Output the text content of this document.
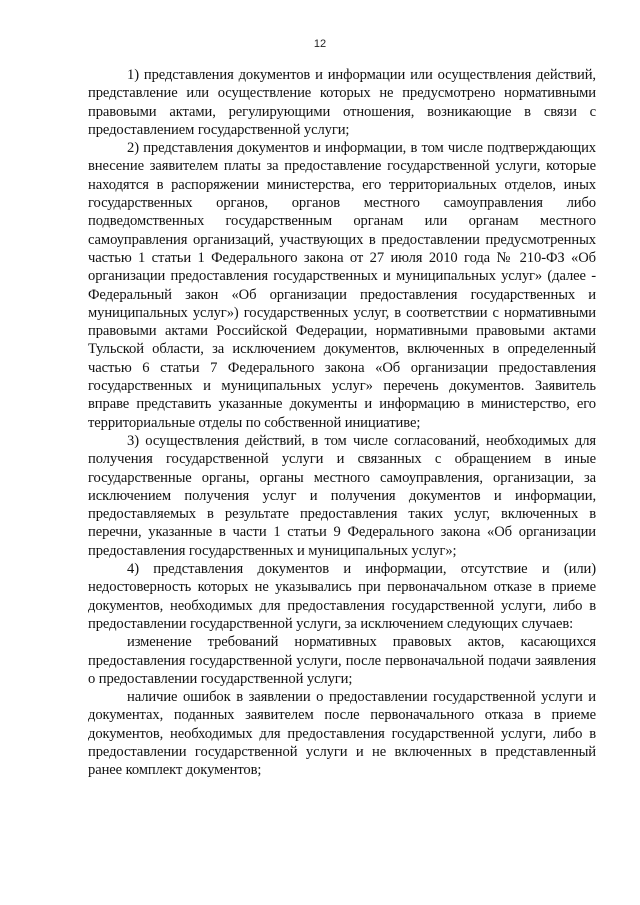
12

1) представления документов и информации или осуществления действий, представление или осуществление которых не предусмотрено нормативными правовыми актами, регулирующими отношения, возникающие в связи с предоставлением государственной услуги;

2) представления документов и информации, в том числе подтверждающих внесение заявителем платы за предоставление государственной услуги, которые находятся в распоряжении министерства, его территориальных отделов, иных государственных органов, органов местного самоуправления либо подведомственных государственным органам или органам местного самоуправления организаций, участвующих в предоставлении предусмотренных частью 1 статьи 1 Федерального закона от 27 июля 2010 года № 210-ФЗ «Об организации предоставления государственных и муниципальных услуг» (далее - Федеральный закон «Об организации предоставления государственных и муниципальных услуг») государственных услуг, в соответствии с нормативными правовыми актами Российской Федерации, нормативными правовыми актами Тульской области, за исключением документов, включенных в определенный частью 6 статьи 7 Федерального закона «Об организации предоставления государственных и муниципальных услуг» перечень документов. Заявитель вправе представить указанные документы и информацию в министерство, его территориальные отделы по собственной инициативе;

3) осуществления действий, в том числе согласований, необходимых для получения государственной услуги и связанных с обращением в иные государственные органы, органы местного самоуправления, организации, за исключением получения услуг и получения документов и информации, предоставляемых в результате предоставления таких услуг, включенных в перечни, указанные в части 1 статьи 9 Федерального закона «Об организации предоставления государственных и муниципальных услуг»;

4) представления документов и информации, отсутствие и (или) недостоверность которых не указывались при первоначальном отказе в приеме документов, необходимых для предоставления государственной услуги, либо в предоставлении государственной услуги, за исключением следующих случаев:

изменение требований нормативных правовых актов, касающихся предоставления государственной услуги, после первоначальной подачи заявления о предоставлении государственной услуги;

наличие ошибок в заявлении о предоставлении государственной услуги и документах, поданных заявителем после первоначального отказа в приеме документов, необходимых для предоставления государственной услуги, либо в предоставлении государственной услуги и не включенных в представленный ранее комплект документов;
